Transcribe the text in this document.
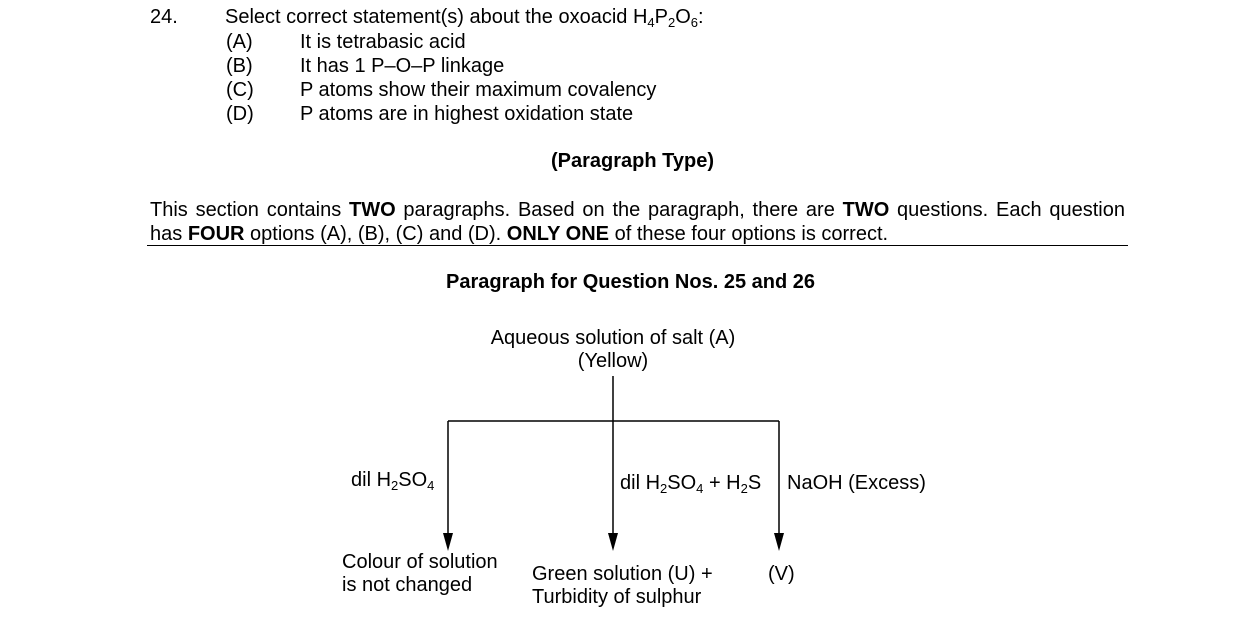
24. Select correct statement(s) about the oxoacid $H_4P_2O_6$:
(A) It is tetrabasic acid
(B) It has 1 P–O–P linkage
(C) P atoms show their maximum covalency
(D) P atoms are in highest oxidation state
(Paragraph Type)
This section contains TWO paragraphs. Based on the paragraph, there are TWO questions. Each question has FOUR options (A), (B), (C) and (D). ONLY ONE of these four options is correct.
Paragraph for Question Nos. 25 and 26
Aqueous solution of salt (A)
(Yellow)
dil $H_2SO_4$	dil $H_2SO_4 + H_2S$ NaOH (Excess)
Colour of solution
is not changed	Green solution (U) +
Turbidity of sulphur
(V)
